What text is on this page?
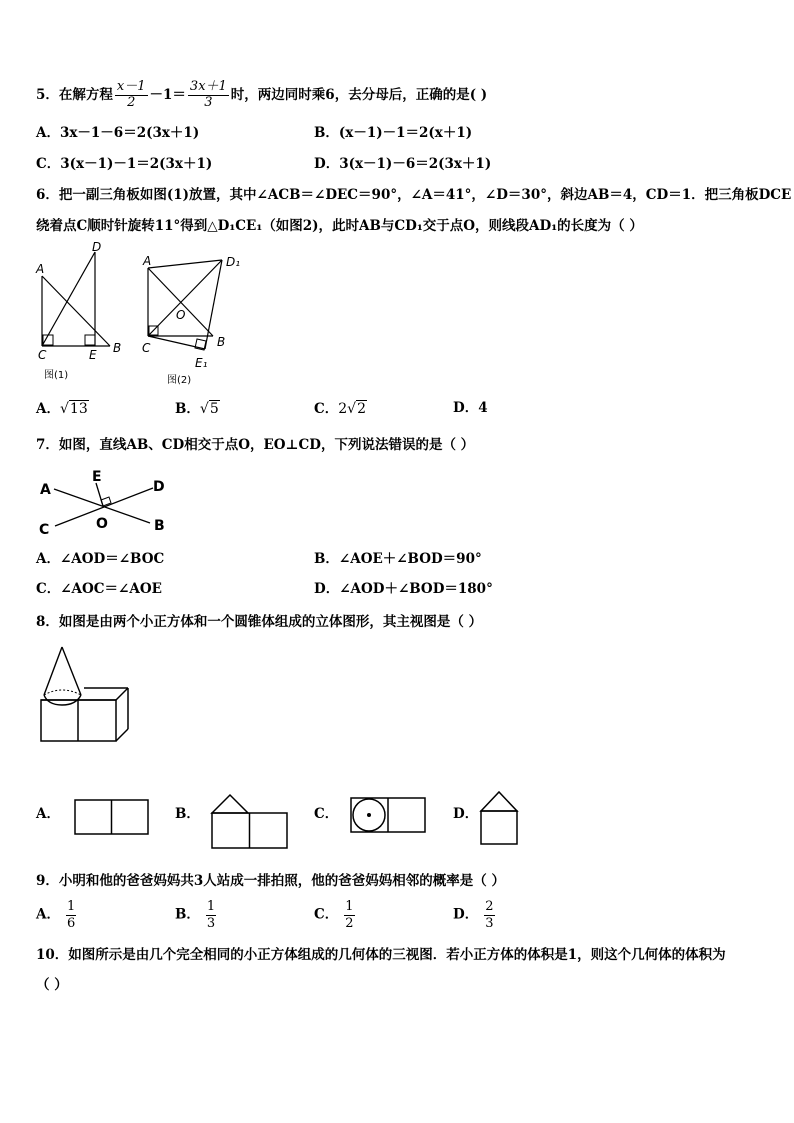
5．在解方程 $\frac{x-1}{2} -1= \frac{3x+1}{3}$ 时，两边同时乘6，去分母后，正确的是( )
A．3x－1－6＝2(3x＋1)	B．(x－1)－1＝2(x＋1)
C．3(x－1)－1＝2(3x＋1)	D．3(x－1)－6＝2(3x＋1)
6．把一副三角板如图(1)放置，其中∠ACB＝∠DEC＝90°，∠A＝41°，∠D＝30°，斜边AB＝4，CD＝1．把三角板DCE
绕着点C顺时针旋转11°得到△D₁CE₁（如图2)，此时AB与CD₁交于点O，则线段AD₁的长度为（ ）
A
D
C	E B
图(1)
A	D₁
O
C	B
E₁
图(2)
A．√13	B．√5	C．2√2	D．4
7．如图，直线AB、CD相交于点O，EO⊥CD，下列说法错误的是（ ）
A
E
D
C	O	B
A．∠AOD＝∠BOC	B．∠AOE＋∠BOD＝90°
C．∠AOC＝∠AOE	D．∠AOD＋∠BOD＝180°
8．如图是由两个小正方体和一个圆锥体组成的立体图形，其主视图是（ ）
A．	B．	C．	D．
9．小明和他的爸爸妈妈共3人站成一排拍照，他的爸爸妈妈相邻的概率是（ ）
A． $\frac{1}{6}$	B． $\frac{1}{3}$	C． $\frac{1}{2}$	D． $\frac{2}{3}$
10．如图所示是由几个完全相同的小正方体组成的几何体的三视图．若小正方体的体积是1，则这个几何体的体积为
（ ）
